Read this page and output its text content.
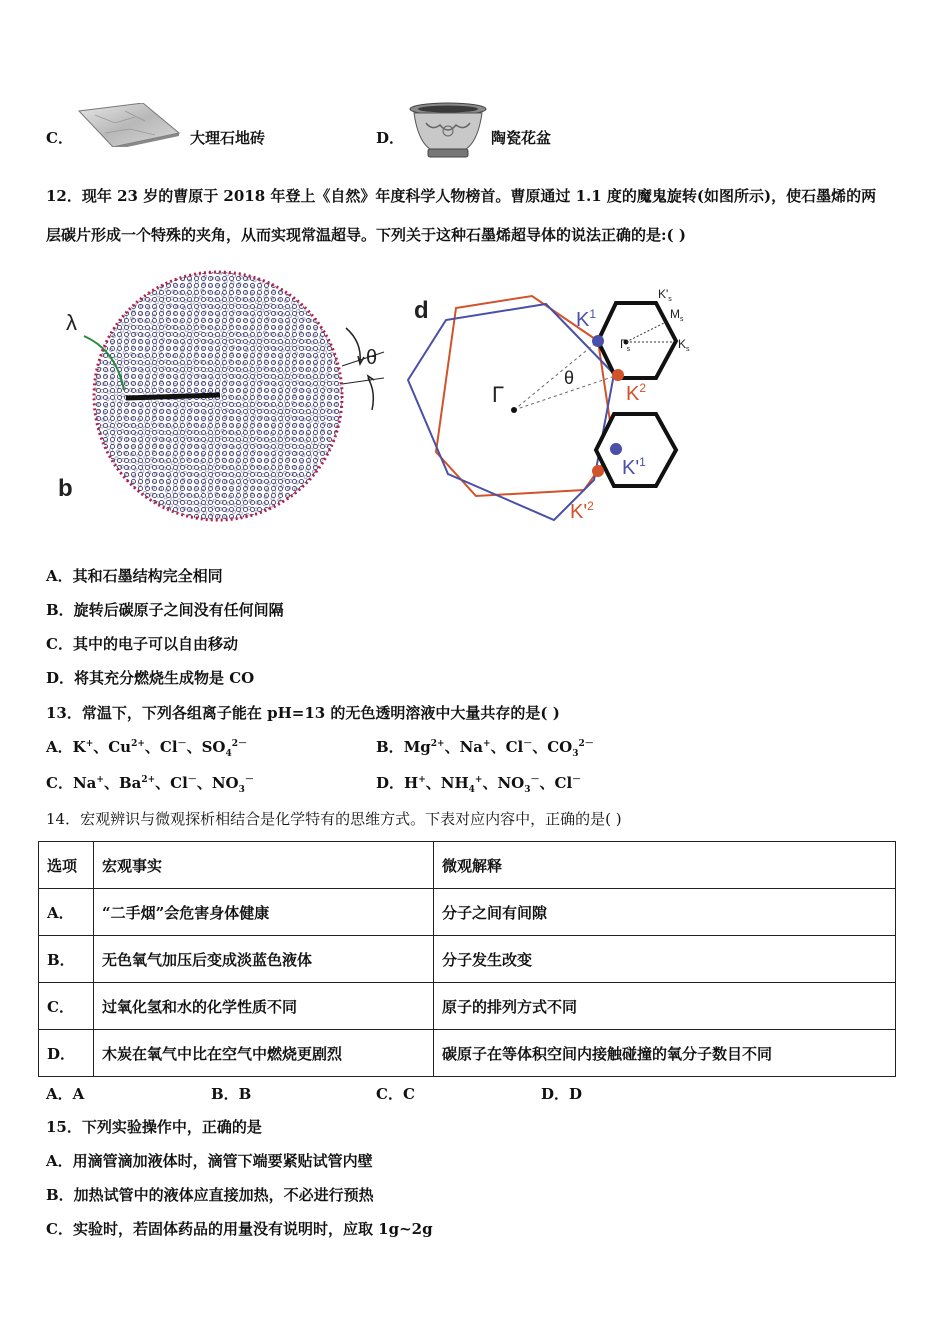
C．	大理石地砖	D．	陶瓷花盆
12．现年 23 岁的曹原于 2018 年登上《自然》年度科学人物榜首。曹原通过 1.1 度的魔鬼旋转(如图所示)，使石墨烯的两
层碳片形成一个特殊的夹角，从而实现常温超导。下列关于这种石墨烯超导体的说法正确的是:( )
λ
b
θ
d
Γ
θ
$K^1$
$K^2$
$K'^1$
$K'^2$
$\Gamma_s$
$M_s$
$K_s$
$K'_s$
A．其和石墨结构完全相同
B．旋转后碳原子之间没有任何间隔
C．其中的电子可以自由移动
D．将其充分燃烧生成物是 CO
13．常温下，下列各组离子能在 pH=13 的无色透明溶液中大量共存的是( )
A．K+、$Cu^{2+}$、Cl－、$SO_4^{2-}$	B．$Mg^{2+}$、Na+、Cl－、$CO_3^{2-}$
C．Na+、$Ba^{2+}$、Cl－、$NO_3^-$	D．H+、$NH_4^+$、$NO_3^-$、Cl－
14．宏观辨识与微观探析相结合是化学特有的思维方式。下表对应内容中，正确的是( )
选项	宏观事实	微观解释
A．	“二手烟”会危害身体健康	分子之间有间隙
B．	无色氧气加压后变成淡蓝色液体	分子发生改变
C．	过氧化氢和水的化学性质不同	原子的排列方式不同
D．	木炭在氧气中比在空气中燃烧更剧烈	碳原子在等体积空间内接触碰撞的氧分子数目不同
A．A	B．B	C．C	D．D
15．下列实验操作中，正确的是
A．用滴管滴加液体时，滴管下端要紧贴试管内壁
B．加热试管中的液体应直接加热，不必进行预热
C．实验时，若固体药品的用量没有说明时，应取 1g~2g
